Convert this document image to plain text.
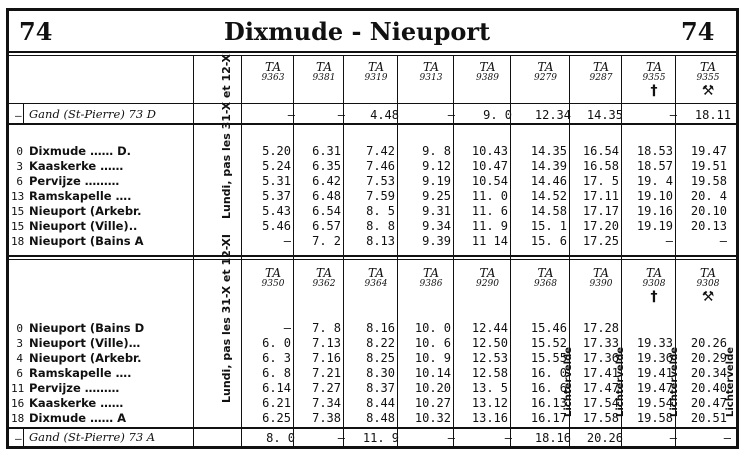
74	Dixmude - Nieuport	74
TA
9363
TA
9381
TA
9319
TA
9313
TA
9389
TA
9279
TA
9287
TA
9355
†
TA
9355
⚒
— Gand (St-Pierre) 73 D	—	—	4.48	—	9. 0	12.34	14.35	—	18.11
0 Dixmude …… D.	5.20	6.31	7.42	9. 8	10.43	14.35	16.54	18.53	19.47
3 Kaaskerke ……	5.24	6.35	7.46	9.12	10.47	14.39	16.58	18.57	19.51
6 Pervijze ………	5.31	6.42	7.53	9.19	10.54	14.46	17. 5	19. 4	19.58
13 Ramskapelle ….	5.37	6.48	7.59	9.25	11. 0	14.52	17.11	19.10	20. 4
15 Nieuport (Arkebr.	5.43	6.54	8. 5	9.31	11. 6	14.58	17.17	19.16	20.10
15 Nieuport (Ville)..	5.46	6.57	8. 8	9.34	11. 9	15. 1	17.20	19.19	20.13
18 Nieuport (Bains A	—	7. 2	8.13	9.39	11 14	15. 6	17.25	—	—
Lundi, pas les 31-X et 12-XI
TA
9350
TA
9362
TA
9364
TA
9386
TA
9290
TA
9368
TA
9390
TA
9308
†
TA
9308
⚒
0 Nieuport (Bains D	—	7. 8	8.16	10. 0	12.44	15.46	17.28
3 Nieuport (Ville)…	6. 0	7.13	8.22	10. 6	12.50	15.52	17.33	19.33	20.26
4 Nieuport (Arkebr.	6. 3	7.16	8.25	10. 9	12.53	15.55	17.36	19.36	20.29
6 Ramskapelle ….	6. 8	7.21	8.30	10.14	12.58	16. 0	17.41	19.41	20.34
11 Pervijze ………	6.14	7.27	8.37	10.20	13. 5	16. 6	17.47	19.47	20.40
16 Kaaskerke ……	6.21	7.34	8.44	10.27	13.12	16.13	17.54	19.54	20.47
18 Dixmude …… A	6.25	7.38	8.48	10.32	13.16	16.17	17.58	19.58	20.51
Lundi, pas les 31-X et 12-XI	Lichtervelde	Lichtervelde	Lichtervelde	Lichtervelde
— Gand (St-Pierre) 73 A	8. 0	—	11. 9	—	—	18.16	20.26	—	—
